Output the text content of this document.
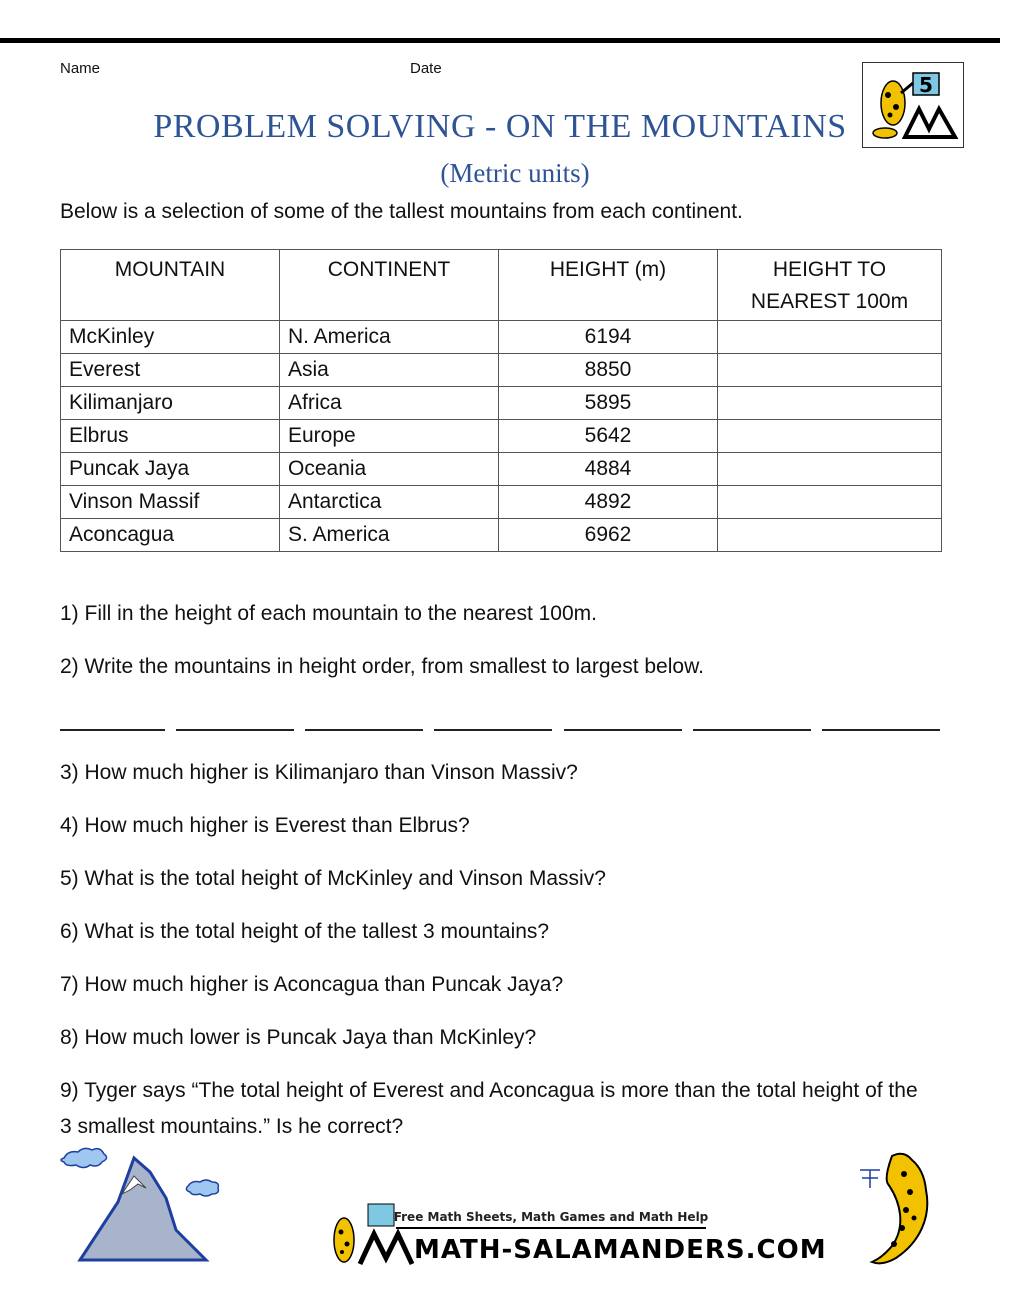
Name	Date
5
PROBLEM SOLVING - ON THE MOUNTAINS
(Metric units)
Below is a selection of some of the tallest mountains from each continent.
MOUNTAIN	CONTINENT	HEIGHT (m)	HEIGHT TO NEAREST 100m
McKinley	N. America	6194	
Everest	Asia	8850	
Kilimanjaro	Africa	5895	
Elbrus	Europe	5642	
Puncak Jaya	Oceania	4884	
Vinson Massif	Antarctica	4892	
Aconcagua	S. America	6962	
1) Fill in the height of each mountain to the nearest 100m.
2) Write the mountains in height order, from smallest to largest below.
3) How much higher is Kilimanjaro than Vinson Massiv?
4) How much higher is Everest than Elbrus?
5) What is the total height of McKinley and Vinson Massiv?
6) What is the total height of the tallest 3 mountains?
7) How much higher is Aconcagua than Puncak Jaya?
8) How much lower is Puncak Jaya than McKinley?
9) Tyger says “The total height of Everest and Aconcagua is more than the total height of the 3 smallest mountains.” Is he correct?
Free Math Sheets, Math Games and Math Help
MATH-SALAMANDERS.COM
